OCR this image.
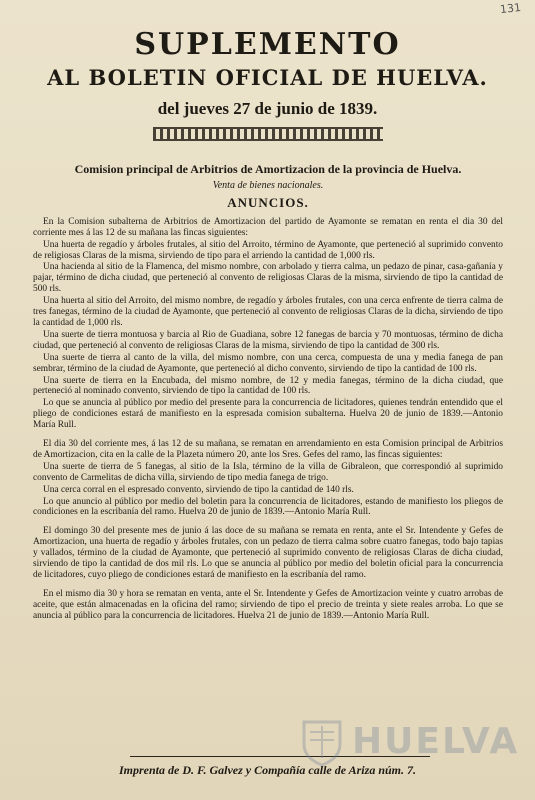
131
SUPLEMENTO
AL BOLETIN OFICIAL DE HUELVA.
del jueves 27 de junio de 1839.
Comision principal de Arbitrios de Amortizacion de la provincia de Huelva.
Venta de bienes nacionales.
ANUNCIOS.

En la Comision subalterna de Arbitrios de Amortizacion del partido de Ayamonte se rematan en renta el dia 30 del corriente mes á las 12 de su mañana las fincas siguientes:

Una huerta de regadío y árboles frutales, al sitio del Arroito, término de Ayamonte, que perteneció al suprimido convento de religiosas Claras de la misma, sirviendo de tipo para el arriendo la cantidad de 1,000 rls.

Una hacienda al sitio de la Flamenca, del mismo nombre, con arbolado y tierra calma, un pedazo de pinar, casa-gañanía y pajar, término de dicha ciudad, que perteneció al convento de religiosas Claras de la misma, sirviendo de tipo la cantidad de 500 rls.

Una huerta al sitio del Arroito, del mismo nombre, de regadío y árboles frutales, con una cerca enfrente de tierra calma de tres fanegas, término de la ciudad de Ayamonte, que perteneció al convento de religiosas Claras de la dicha, sirviendo de tipo la cantidad de 1,000 rls.

Una suerte de tierra montuosa y barcia al Rio de Guadiana, sobre 12 fanegas de barcia y 70 montuosas, término de dicha ciudad, que perteneció al convento de religiosas Claras de la misma, sirviendo de tipo la cantidad de 300 rls.

Una suerte de tierra al canto de la villa, del mismo nombre, con una cerca, compuesta de una y media fanega de pan sembrar, término de la ciudad de Ayamonte, que perteneció al dicho convento, sirviendo de tipo la cantidad de 100 rls.

Una suerte de tierra en la Encubada, del mismo nombre, de 12 y media fanegas, término de la dicha ciudad, que perteneció al nominado convento, sirviendo de tipo la cantidad de 100 rls.

Lo que se anuncia al público por medio del presente para la concurrencia de licitadores, quienes tendrán entendido que el pliego de condiciones estará de manifiesto en la espresada comision subalterna. Huelva 20 de junio de 1839.—Antonio María Rull.

El dia 30 del corriente mes, á las 12 de su mañana, se rematan en arrendamiento en esta Comision principal de Arbitrios de Amortizacion, cita en la calle de la Plazeta número 20, ante los Sres. Gefes del ramo, las fincas siguientes:

Una suerte de tierra de 5 fanegas, al sitio de la Isla, término de la villa de Gibraleon, que correspondió al suprimido convento de Carmelitas de dicha villa, sirviendo de tipo media fanega de trigo.

Una cerca corral en el espresado convento, sirviendo de tipo la cantidad de 140 rls.

Lo que anuncio al público por medio del boletin para la concurrencia de licitadores, estando de manifiesto los pliegos de condiciones en la escribanía del ramo. Huelva 20 de junio de 1839.—Antonio María Rull.

El domingo 30 del presente mes de junio á las doce de su mañana se remata en renta, ante el Sr. Intendente y Gefes de Amortizacion, una huerta de regadío y árboles frutales, con un pedazo de tierra calma sobre cuatro fanegas, todo bajo tapias y vallados, término de la ciudad de Ayamonte, que perteneció al suprimido convento de religiosas Claras de dicha ciudad, sirviendo de tipo la cantidad de dos mil rls. Lo que se anuncia al público por medio del boletin oficial para la concurrencia de licitadores, cuyo pliego de condiciones estará de manifiesto en la escribanía del ramo.

En el mismo dia 30 y hora se rematan en venta, ante el Sr. Intendente y Gefes de Amortizacion veinte y cuatro arrobas de aceite, que están almacenadas en la oficina del ramo; sirviendo de tipo el precio de treinta y siete reales arroba. Lo que se anuncia al público para la concurrencia de licitadores. Huelva 21 de junio de 1839.—Antonio María Rull.

Imprenta de D. F. Galvez y Compañía calle de Ariza núm. 7.
HUELVA
